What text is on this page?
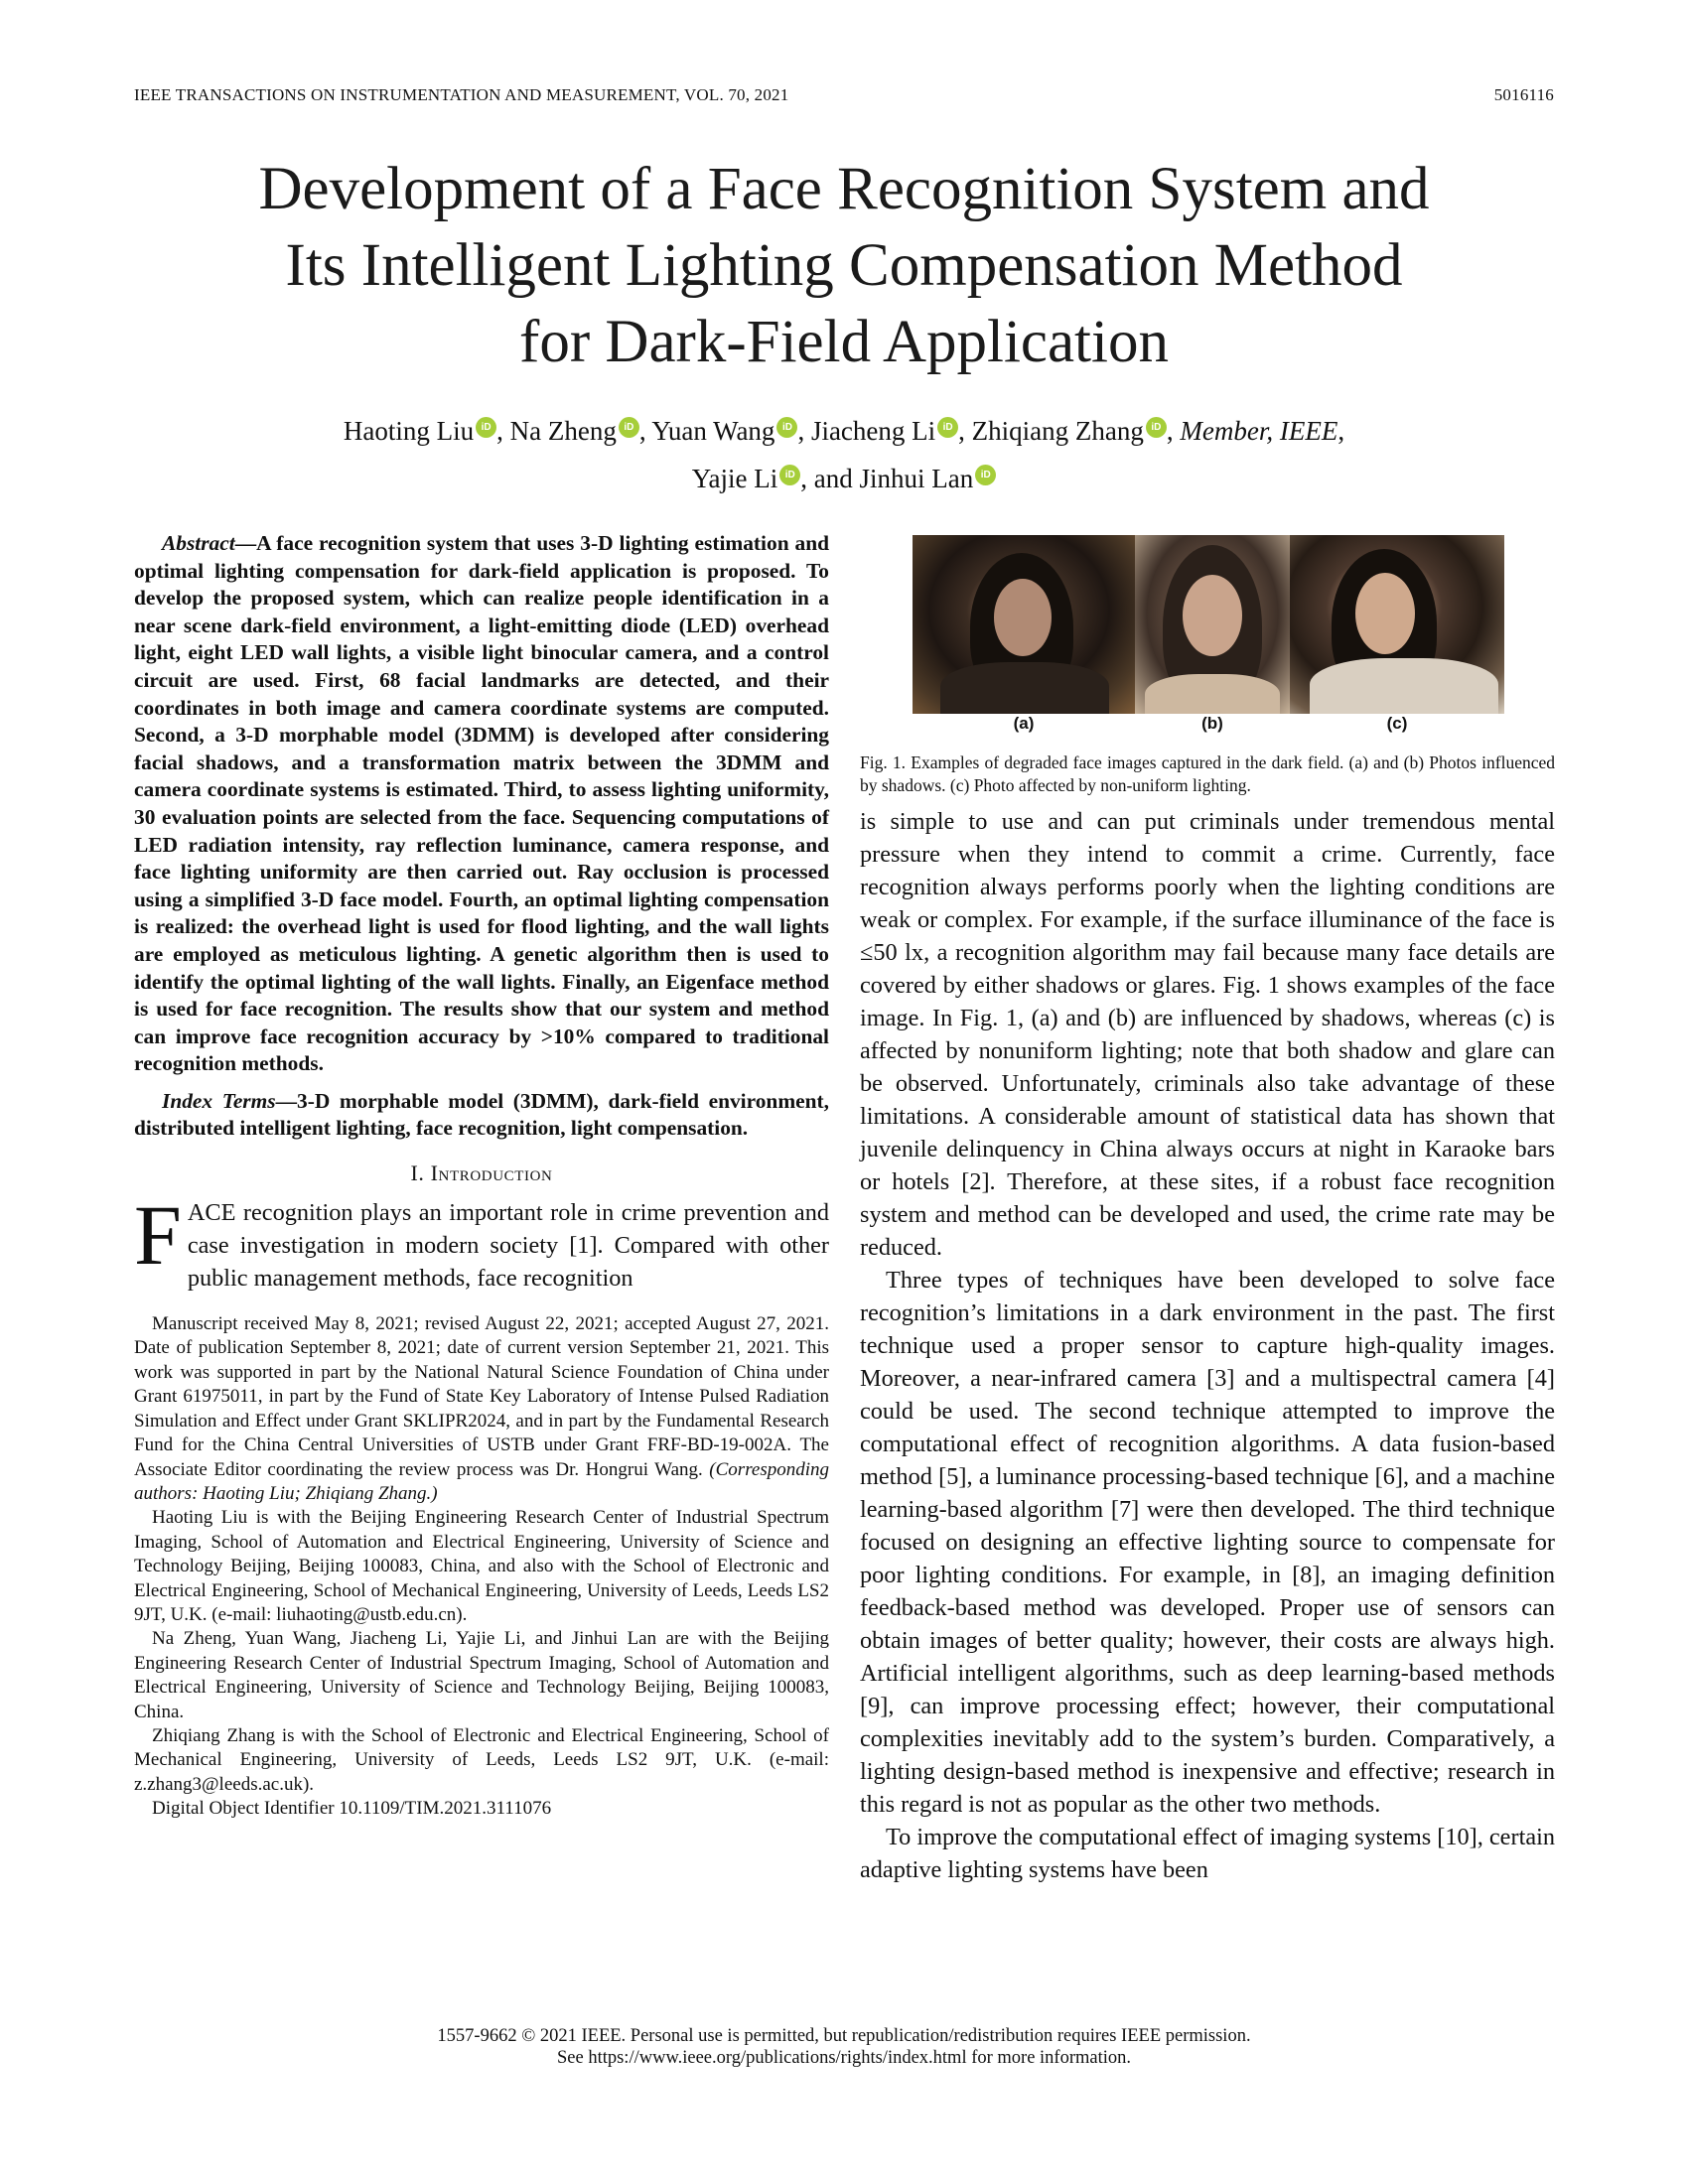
IEEE TRANSACTIONS ON INSTRUMENTATION AND MEASUREMENT, VOL. 70, 2021	5016116
Development of a Face Recognition System and
Its Intelligent Lighting Compensation Method
for Dark-Field Application
Haoting Liu iD , Na Zheng iD , Yuan Wang iD , Jiacheng Li iD , Zhiqiang Zhang iD , Member, IEEE,
Yajie Li iD , and Jinhui Lan iD

Abstract—A face recognition system that uses 3-D lighting estimation and optimal lighting compensation for dark-field application is proposed. To develop the proposed system, which can realize people identification in a near scene dark-field environment, a light-emitting diode (LED) overhead light, eight LED wall lights, a visible light binocular camera, and a control circuit are used. First, 68 facial landmarks are detected, and their coordinates in both image and camera coordinate systems are computed. Second, a 3-D morphable model (3DMM) is developed after considering facial shadows, and a transformation matrix between the 3DMM and camera coordinate systems is estimated. Third, to assess lighting uniformity, 30 evaluation points are selected from the face. Sequencing computations of LED radiation intensity, ray reflection luminance, camera response, and face lighting uniformity are then carried out. Ray occlusion is processed using a simplified 3-D face model. Fourth, an optimal lighting compensation is realized: the overhead light is used for flood lighting, and the wall lights are employed as meticulous lighting. A genetic algorithm then is used to identify the optimal lighting of the wall lights. Finally, an Eigenface method is used for face recognition. The results show that our system and method can improve face recognition accuracy by >10% compared to traditional recognition methods.

Index Terms—3-D morphable model (3DMM), dark-field environment, distributed intelligent lighting, face recognition, light compensation.

I. Introduction

FACE recognition plays an important role in crime prevention and case investigation in modern society [1]. Compared with other public management methods, face recognition

Manuscript received May 8, 2021; revised August 22, 2021; accepted August 27, 2021. Date of publication September 8, 2021; date of current version September 21, 2021. This work was supported in part by the National Natural Science Foundation of China under Grant 61975011, in part by the Fund of State Key Laboratory of Intense Pulsed Radiation Simulation and Effect under Grant SKLIPR2024, and in part by the Fundamental Research Fund for the China Central Universities of USTB under Grant FRF-BD-19-002A. The Associate Editor coordinating the review process was Dr. Hongrui Wang. (Corresponding authors: Haoting Liu; Zhiqiang Zhang.)

Haoting Liu is with the Beijing Engineering Research Center of Industrial Spectrum Imaging, School of Automation and Electrical Engineering, University of Science and Technology Beijing, Beijing 100083, China, and also with the School of Electronic and Electrical Engineering, School of Mechanical Engineering, University of Leeds, Leeds LS2 9JT, U.K. (e-mail: liuhaoting@ustb.edu.cn).

Na Zheng, Yuan Wang, Jiacheng Li, Yajie Li, and Jinhui Lan are with the Beijing Engineering Research Center of Industrial Spectrum Imaging, School of Automation and Electrical Engineering, University of Science and Technology Beijing, Beijing 100083, China.

Zhiqiang Zhang is with the School of Electronic and Electrical Engineering, School of Mechanical Engineering, University of Leeds, Leeds LS2 9JT, U.K. (e-mail: z.zhang3@leeds.ac.uk).

Digital Object Identifier 10.1109/TIM.2021.3111076

(a)	(b)	(c)
Fig. 1. Examples of degraded face images captured in the dark field. (a) and (b) Photos influenced by shadows. (c) Photo affected by non-uniform lighting.

is simple to use and can put criminals under tremendous mental pressure when they intend to commit a crime. Currently, face recognition always performs poorly when the lighting conditions are weak or complex. For example, if the surface illuminance of the face is ≤50 lx, a recognition algorithm may fail because many face details are covered by either shadows or glares. Fig. 1 shows examples of the face image. In Fig. 1, (a) and (b) are influenced by shadows, whereas (c) is affected by nonuniform lighting; note that both shadow and glare can be observed. Unfortunately, criminals also take advantage of these limitations. A considerable amount of statistical data has shown that juvenile delinquency in China always occurs at night in Karaoke bars or hotels [2]. Therefore, at these sites, if a robust face recognition system and method can be developed and used, the crime rate may be reduced.

Three types of techniques have been developed to solve face recognition’s limitations in a dark environment in the past. The first technique used a proper sensor to capture high-quality images. Moreover, a near-infrared camera [3] and a multispectral camera [4] could be used. The second technique attempted to improve the computational effect of recognition algorithms. A data fusion-based method [5], a luminance processing-based technique [6], and a machine learning-based algorithm [7] were then developed. The third technique focused on designing an effective lighting source to compensate for poor lighting conditions. For example, in [8], an imaging definition feedback-based method was developed. Proper use of sensors can obtain images of better quality; however, their costs are always high. Artificial intelligent algorithms, such as deep learning-based methods [9], can improve processing effect; however, their computational complexities inevitably add to the system’s burden. Comparatively, a lighting design-based method is inexpensive and effective; research in this regard is not as popular as the other two methods.

To improve the computational effect of imaging systems [10], certain adaptive lighting systems have been

1557-9662 © 2021 IEEE. Personal use is permitted, but republication/redistribution requires IEEE permission.
See https://www.ieee.org/publications/rights/index.html for more information.
